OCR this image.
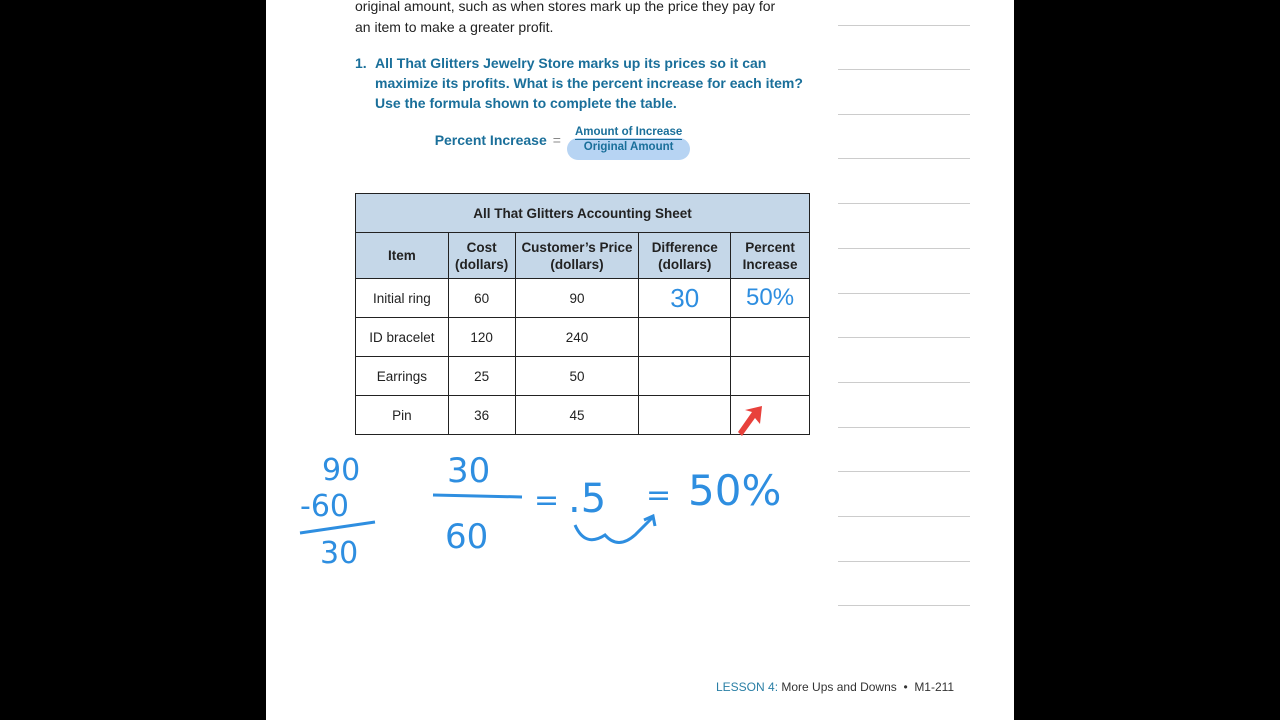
original amount, such as when stores mark up the price they pay for
an item to make a greater profit.
1. All That Glitters Jewelry Store marks up its prices so it can maximize its profits. What is the percent increase for each item? Use the formula shown to complete the table.
Percent Increase = Amount of Increase
Original Amount
All That Glitters Accounting Sheet				
Item	Cost (dollars)	Customer’s Price (dollars)	Difference (dollars)	Percent Increase
Initial ring	60	90	30	50%
ID bracelet	120	240		
Earrings	25	50		
Pin	36	45		
90
-60
30
30
60
= .5 = 50%
LESSON 4: More Ups and Downs • M1-211
